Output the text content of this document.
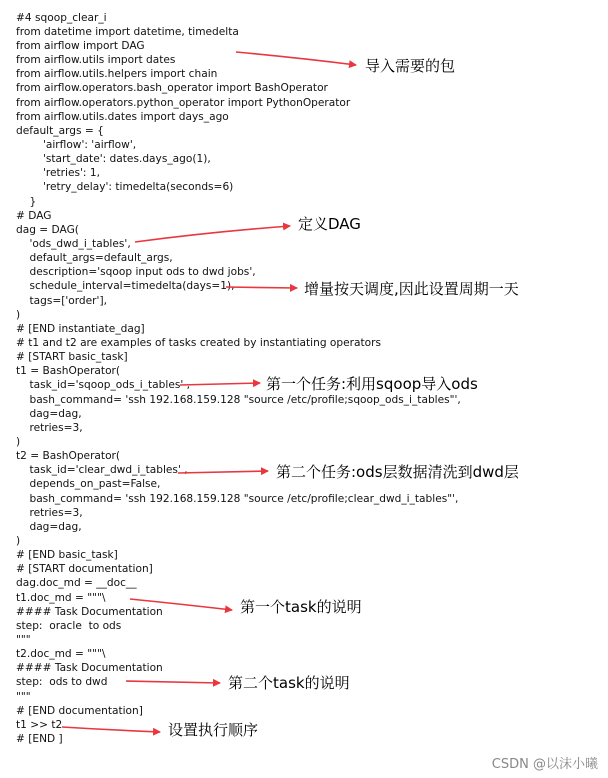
#4 sqoop_clear_i
from datetime import datetime, timedelta
from airflow import DAG
from airflow.utils import dates
from airflow.utils.helpers import chain
from airflow.operators.bash_operator import BashOperator
from airflow.operators.python_operator import PythonOperator
from airflow.utils.dates import days_ago
default_args = {
'airflow': 'airflow',
'start_date': dates.days_ago(1),
'retries': 1,
'retry_delay': timedelta(seconds=6)
}
# DAG
dag = DAG(
'ods_dwd_i_tables',
default_args=default_args,
description='sqoop input ods to dwd jobs',
schedule_interval=timedelta(days=1),
tags=['order'],
)
# [END instantiate_dag]
# t1 and t2 are examples of tasks created by instantiating operators
# [START basic_task]
t1 = BashOperator(
task_id='sqoop_ods_i_tables' ,
bash_command= 'ssh 192.168.159.128 "source /etc/profile;sqoop_ods_i_tables"',
dag=dag,
retries=3,
)
t2 = BashOperator(
task_id='clear_dwd_i_tables' ,
depends_on_past=False,
bash_command= 'ssh 192.168.159.128 "source /etc/profile;clear_dwd_i_tables"',
retries=3,
dag=dag,
)
# [END basic_task]
# [START documentation]
dag.doc_md = __doc__
t1.doc_md = """\
#### Task Documentation
step:  oracle  to ods
"""
t2.doc_md = """\
#### Task Documentation
step:  ods to dwd
"""
# [END documentation]
t1 >> t2
# [END ]
导入需要的包
定义DAG
增量按天调度,因此设置周期一天
第一个任务:利用sqoop导入ods
第二个任务:ods层数据清洗到dwd层
第一个task的说明
第二个task的说明
设置执行顺序
CSDN @以沫小曦
